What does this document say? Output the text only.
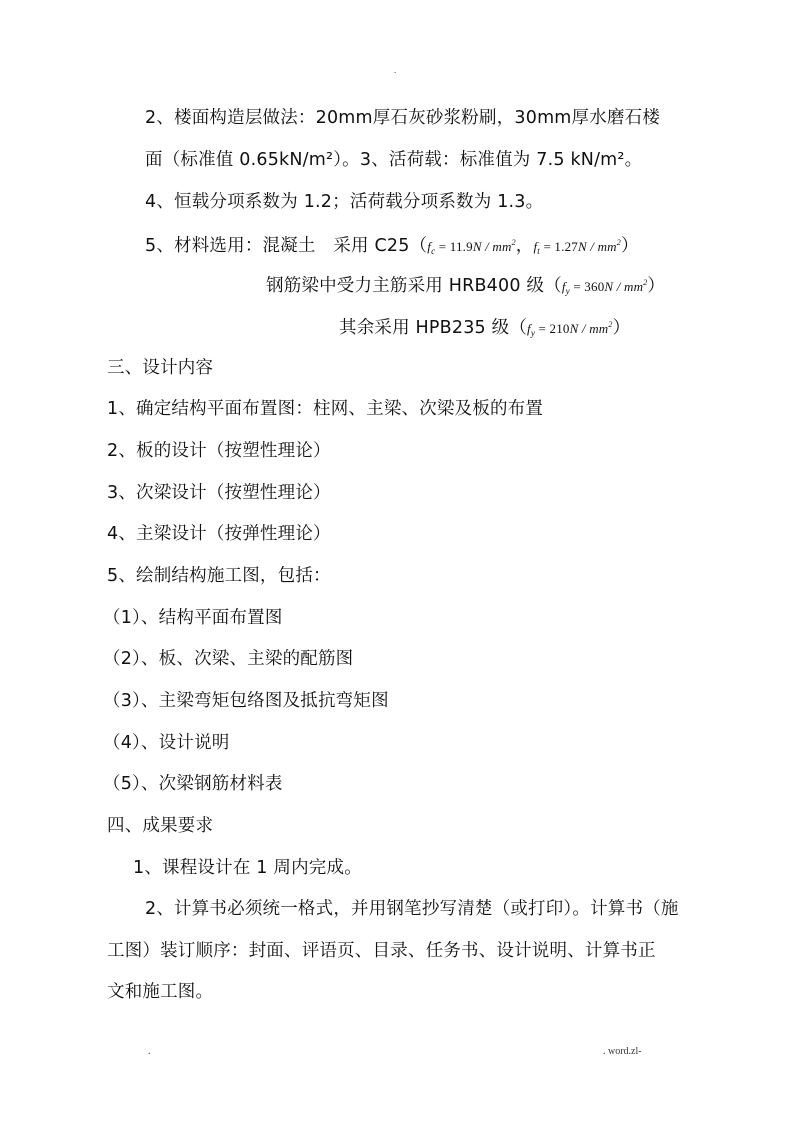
.
2、楼面构造层做法：20mm厚石灰砂浆粉刷，30mm厚水磨石楼
面（标准值 0.65kN/m²）。3、活荷载：标准值为 7.5 kN/m²。
4、恒载分项系数为 1.2；活荷载分项系数为 1.3。
5、材料选用：混凝土　采用 $C25(f_c = 11.9N / mm^2$，$f_t = 1.27N / mm^2$）
钢筋梁中受力主筋采用 HRB400 级$(f_y = 360N / mm^2)$
其余采用 HPB235 级$(f_y = 210N / mm^2)$
三、设计内容
1、确定结构平面布置图：柱网、主梁、次梁及板的布置
2、板的设计（按塑性理论）
3、次梁设计（按塑性理论）
4、主梁设计（按弹性理论）
5、绘制结构施工图，包括：
（1）、结构平面布置图
（2）、板、次梁、主梁的配筋图
（3）、主梁弯矩包络图及抵抗弯矩图
（4）、设计说明
（5）、次梁钢筋材料表
四、成果要求
1、课程设计在 1 周内完成。
2、计算书必须统一格式，并用钢笔抄写清楚（或打印）。计算书（施
工图）装订顺序：封面、评语页、目录、任务书、设计说明、计算书正
文和施工图。
.	. word.zl-
